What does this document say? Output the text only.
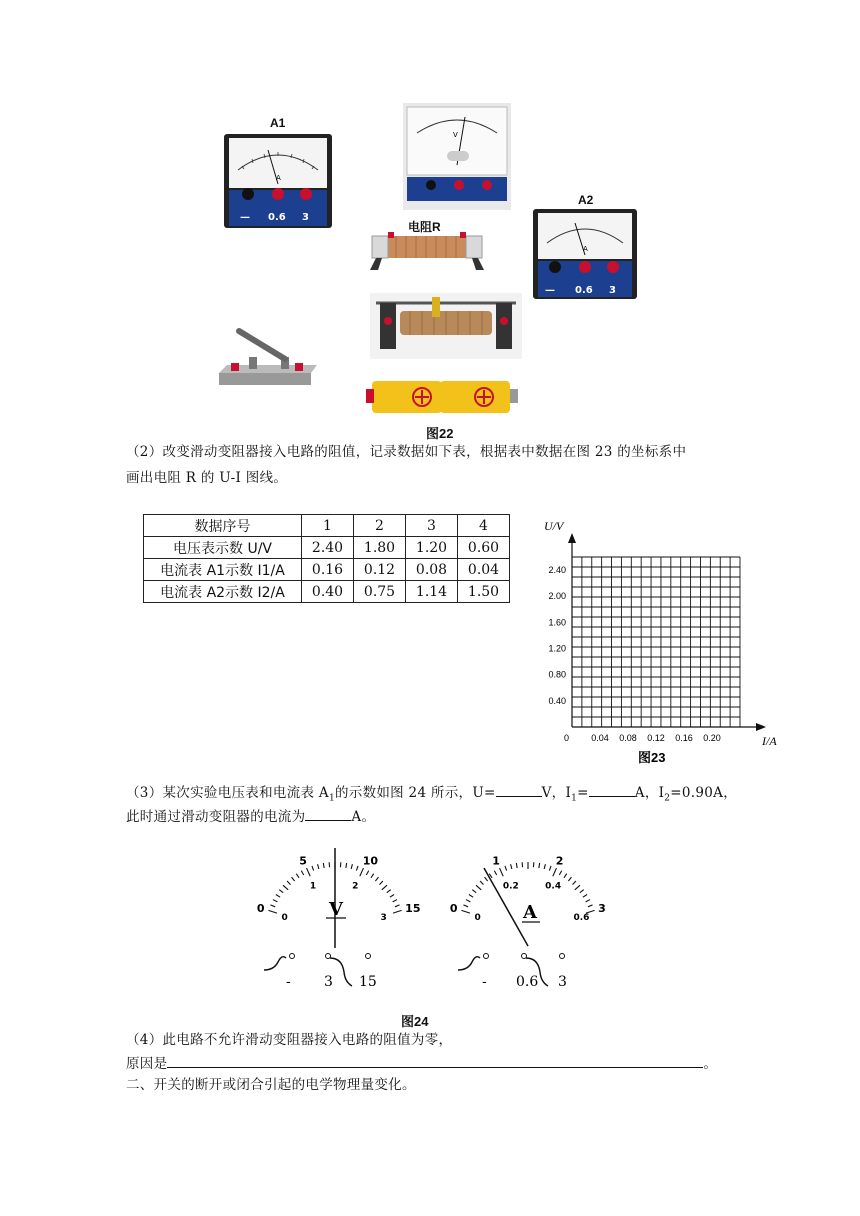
A1
A
— 0.6 3
V
A2
A
— 0.6 3
电阻R
图22
（2）改变滑动变阻器接入电路的阻值，记录数据如下表，根据表中数据在图 23 的坐标系中
画出电阻 R 的 U-I 图线。
数据序号	1	2	3	4
电压表示数 U/V	2.40	1.80	1.20	0.60
电流表 A1示数 I1/A	0.16	0.12	0.08	0.04
电流表 A2示数 I2/A	0.40	0.75	1.14	1.50
0.04 0.08 0.12 0.16 0.20
0.40
0.80
1.20
1.60
2.00
2.40
0
U/V
I/A
图23
（3）某次实验电压表和电流表 $A_1$的示数如图 24 所示，U=	V，$I_1=$	A，$I_2=0.90A$，
此时通过滑动变阻器的电流为	A。
0
5	10
15
0
1	2
3
V
- 3 15
0
1	2
3
0
0.2	0.4
0.6
A
- 0.6 3
图24
（4）此电路不允许滑动变阻器接入电路的阻值为零，
原因是	。
二、开关的断开或闭合引起的电学物理量变化。
